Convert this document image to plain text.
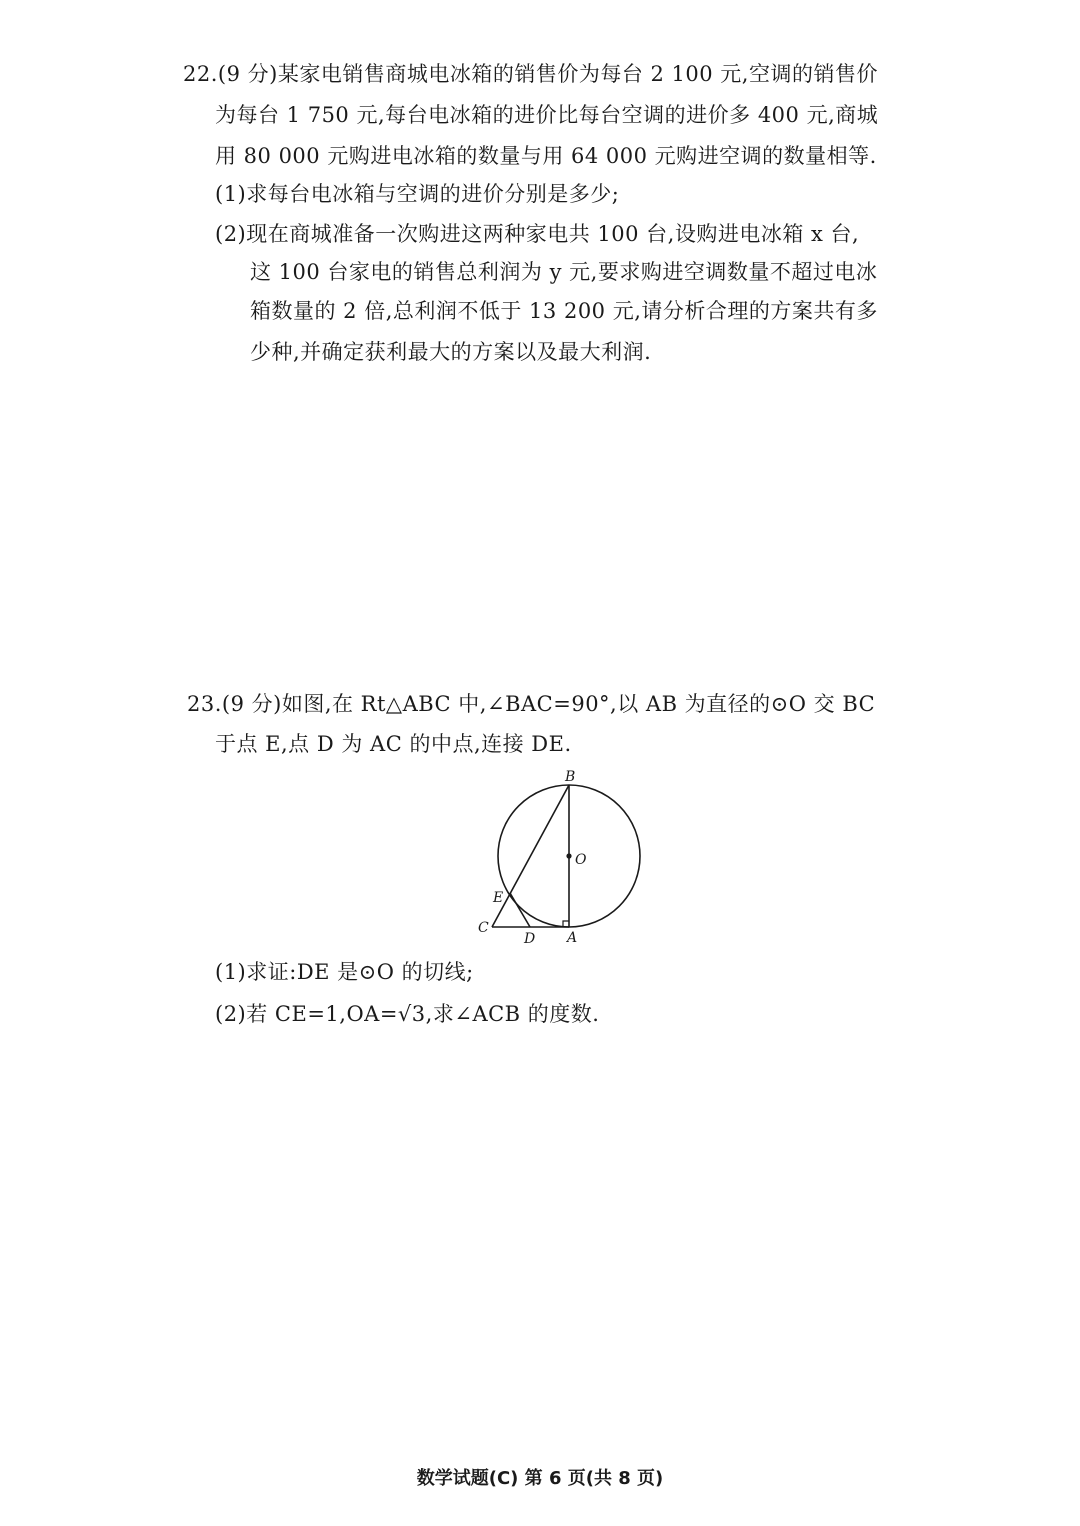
22.(9 分)某家电销售商城电冰箱的销售价为每台 2 100 元,空调的销售价
为每台 1 750 元,每台电冰箱的进价比每台空调的进价多 400 元,商城
用 80 000 元购进电冰箱的数量与用 64 000 元购进空调的数量相等.
(1)求每台电冰箱与空调的进价分别是多少;
(2)现在商城准备一次购进这两种家电共 100 台,设购进电冰箱 x 台,
这 100 台家电的销售总利润为 y 元,要求购进空调数量不超过电冰
箱数量的 2 倍,总利润不低于 13 200 元,请分析合理的方案共有多
少种,并确定获利最大的方案以及最大利润.
23.(9 分)如图,在 Rt△ABC 中,∠BAC=90°,以 AB 为直径的⊙O 交 BC
于点 E,点 D 为 AC 的中点,连接 DE.
B
O
E
C
D A
(1)求证:DE 是⊙O 的切线;
(2)若 CE=1,OA=√3,求∠ACB 的度数.
数学试题(C) 第 6 页(共 8 页)
